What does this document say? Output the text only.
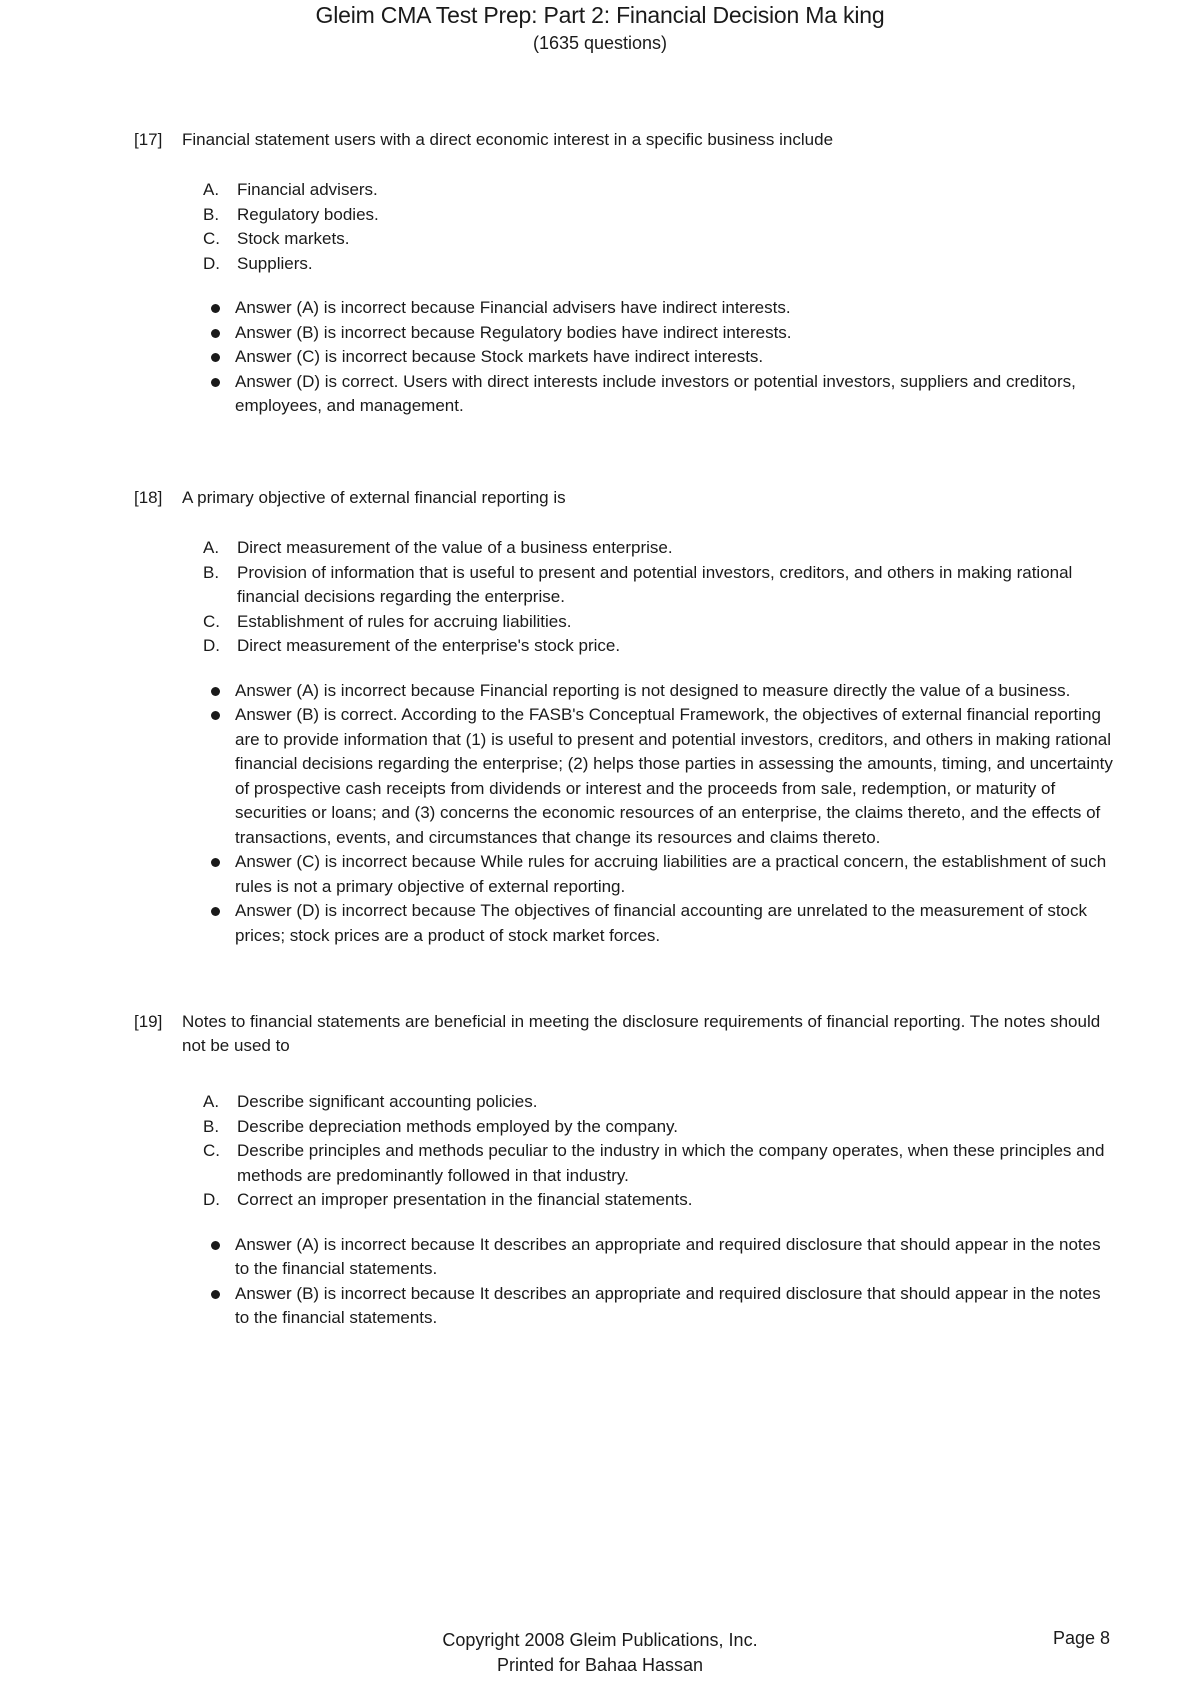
Gleim CMA Test Prep: Part 2: Financial Decision Ma king
(1635 questions)
[17]	Financial statement users with a direct economic interest in a specific business include
A.	Financial advisers.
B.	Regulatory bodies.
C.	Stock markets.
D.	Suppliers.
Answer (A) is incorrect because Financial advisers have indirect interests.
Answer (B) is incorrect because Regulatory bodies have indirect interests.
Answer (C) is incorrect because Stock markets have indirect interests.
Answer (D) is correct. Users with direct interests include investors or potential investors, suppliers and creditors, employees, and management.
[18]	A primary objective of external financial reporting is
A.	Direct measurement of the value of a business enterprise.
B.	Provision of information that is useful to present and potential investors, creditors, and others in making rational financial decisions regarding the enterprise.
C.	Establishment of rules for accruing liabilities.
D.	Direct measurement of the enterprise's stock price.
Answer (A) is incorrect because Financial reporting is not designed to measure directly the value of a business.
Answer (B) is correct. According to the FASB's Conceptual Framework, the objectives of external financial reporting are to provide information that (1) is useful to present and potential investors, creditors, and others in making rational financial decisions regarding the enterprise; (2) helps those parties in assessing the amounts, timing, and uncertainty of prospective cash receipts from dividends or interest and the proceeds from sale, redemption, or maturity of securities or loans; and (3) concerns the economic resources of an enterprise, the claims thereto, and the effects of transactions, events, and circumstances that change its resources and claims thereto.
Answer (C) is incorrect because While rules for accruing liabilities are a practical concern, the establishment of such rules is not a primary objective of external reporting.
Answer (D) is incorrect because The objectives of financial accounting are unrelated to the measurement of stock prices; stock prices are a product of stock market forces.
[19]	Notes to financial statements are beneficial in meeting the disclosure requirements of financial reporting. The notes should not be used to
A.	Describe significant accounting policies.
B.	Describe depreciation methods employed by the company.
C.	Describe principles and methods peculiar to the industry in which the company operates, when these principles and methods are predominantly followed in that industry.
D.	Correct an improper presentation in the financial statements.
Answer (A) is incorrect because It describes an appropriate and required disclosure that should appear in the notes to the financial statements.
Answer (B) is incorrect because It describes an appropriate and required disclosure that should appear in the notes to the financial statements.
Copyright 2008 Gleim Publications, Inc.
Printed for Bahaa Hassan
Page 8
